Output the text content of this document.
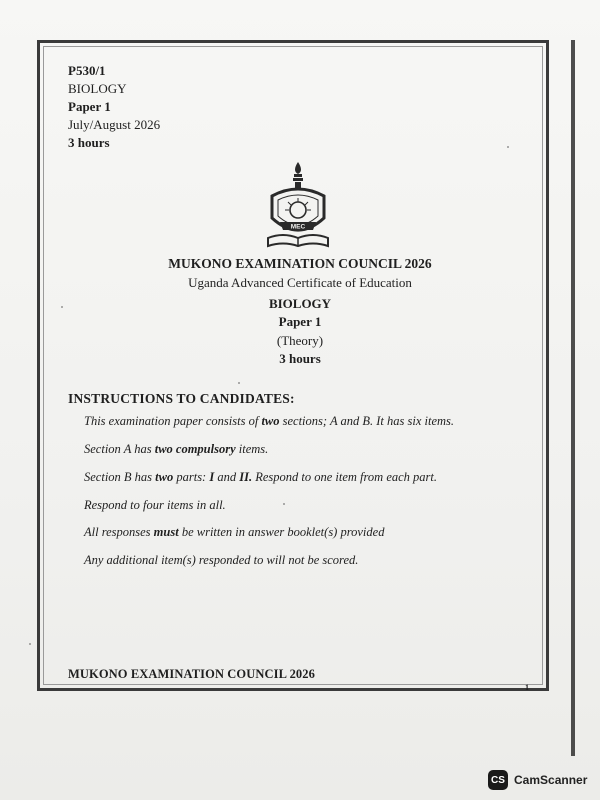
P530/1
BIOLOGY
Paper 1
July/August 2026
3 hours
MEC
MUKONO EXAMINATION COUNCIL 2026
Uganda Advanced Certificate of Education
BIOLOGY
Paper 1
(Theory)
3 hours
INSTRUCTIONS TO CANDIDATES:
This examination paper consists of two sections; A and B. It has six items.
Section A has two compulsory items.
Section B has two parts: I and II. Respond to one item from each part.
Respond to four items in all.
All responses must be written in answer booklet(s) provided
Any additional item(s) responded to will not be scored.
MUKONO EXAMINATION COUNCIL 2026
1
CS CamScanner
